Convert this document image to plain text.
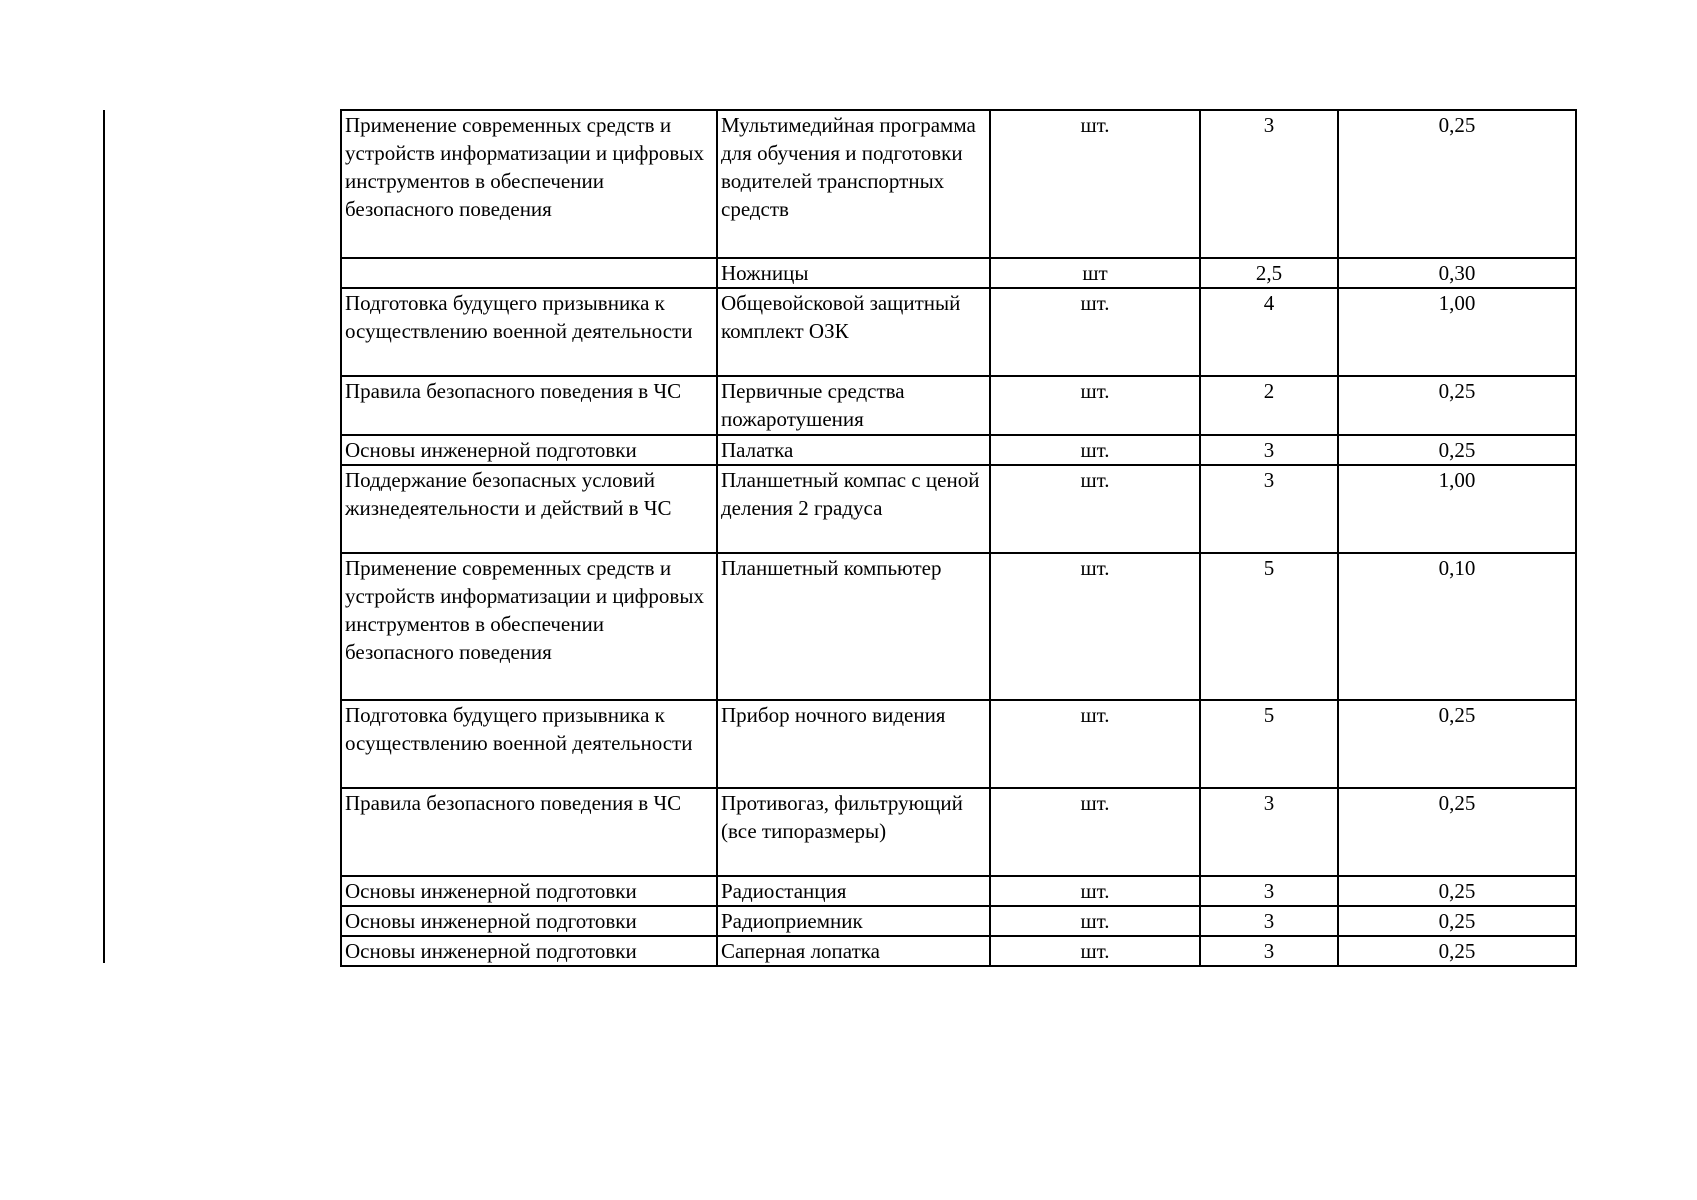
Применение современных средств и устройств информатизации и цифровых инструментов в обеспечении безопасного поведения	Мультимедийная программа для обучения и подготовки водителей транспортных средств	шт.	3	0,25
	Ножницы	шт	2,5	0,30
Подготовка будущего призывника к осуществлению военной деятельности	Общевойсковой защитный комплект ОЗК	шт.	4	1,00
Правила безопасного поведения в ЧС	Первичные средства пожаротушения	шт.	2	0,25
Основы инженерной подготовки	Палатка	шт.	3	0,25
Поддержание безопасных условий жизнедеятельности и действий в ЧС	Планшетный компас с ценой деления 2 градуса	шт.	3	1,00
Применение современных средств и устройств информатизации и цифровых инструментов в обеспечении безопасного поведения	Планшетный компьютер	шт.	5	0,10
Подготовка будущего призывника к осуществлению военной деятельности	Прибор ночного видения	шт.	5	0,25
Правила безопасного поведения в ЧС	Противогаз, фильтрующий (все типоразмеры)	шт.	3	0,25
Основы инженерной подготовки	Радиостанция	шт.	3	0,25
Основы инженерной подготовки	Радиоприемник	шт.	3	0,25
Основы инженерной подготовки	Саперная лопатка	шт.	3	0,25
